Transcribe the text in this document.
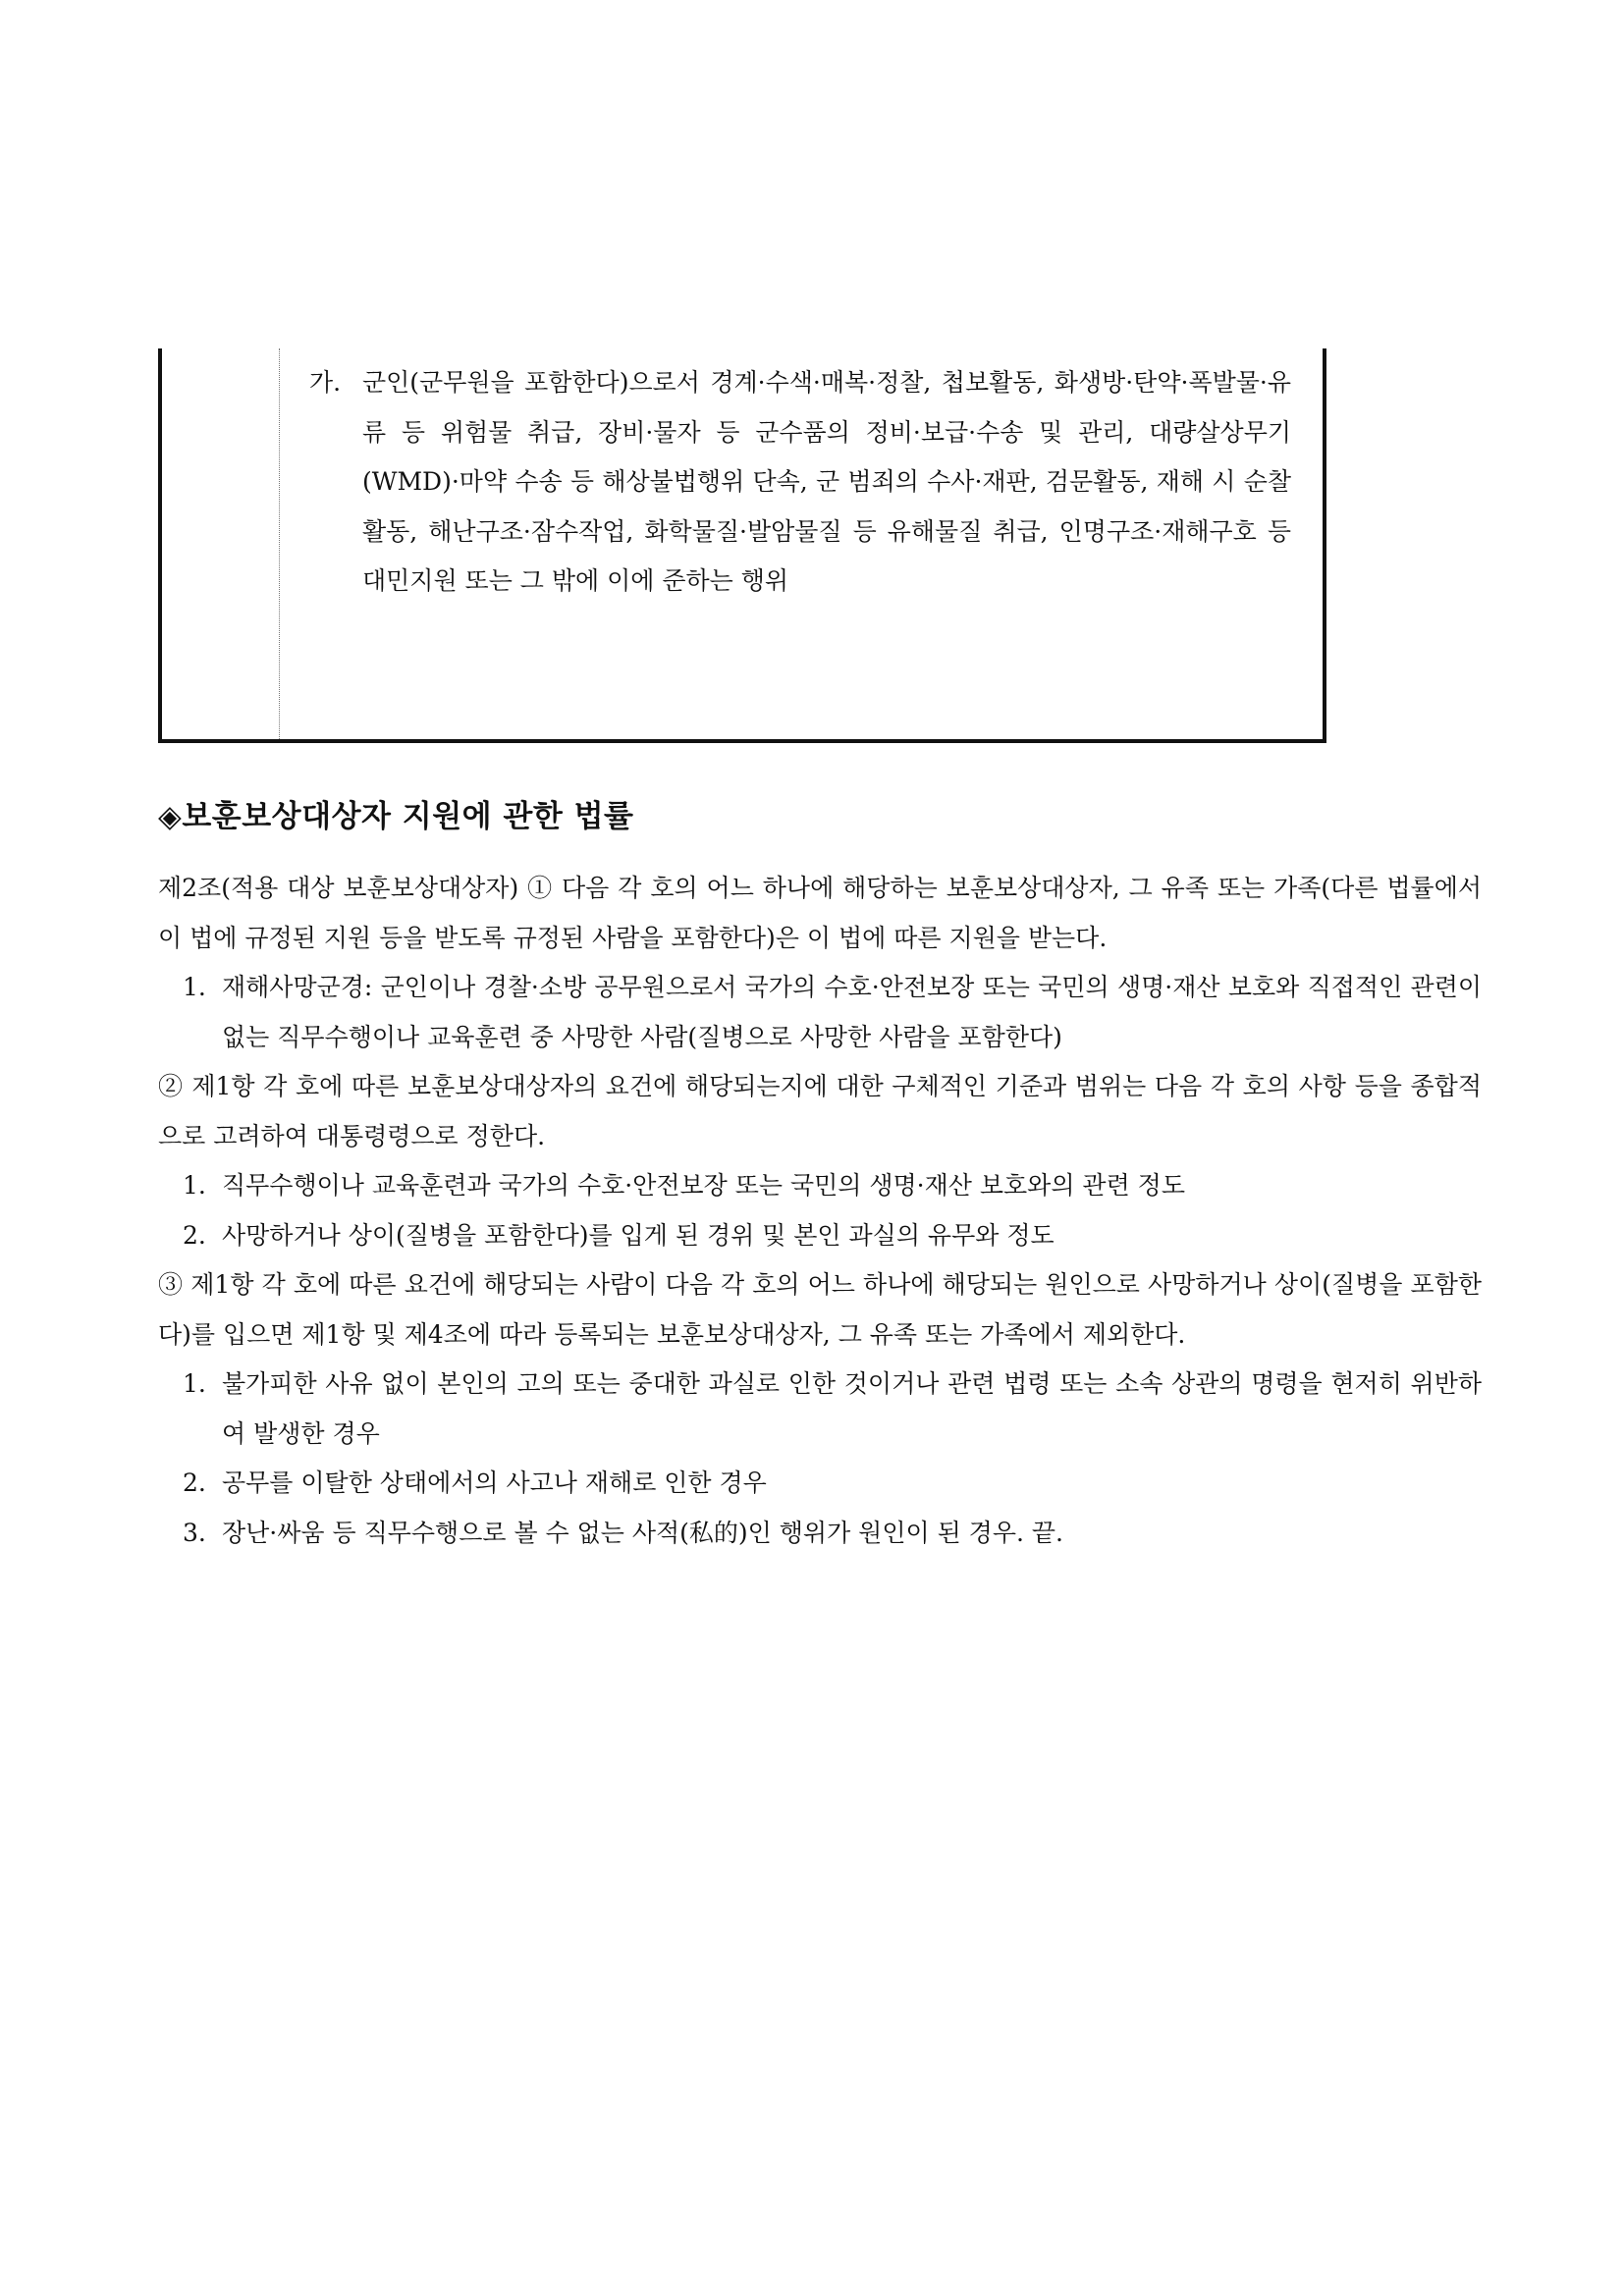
가. 군인(군무원을 포함한다)으로서 경계·수색·매복·정찰, 첩보활동, 화생방·탄약·폭발물·유류 등 위험물 취급, 장비·물자 등 군수품의 정비·보급·수송 및 관리, 대량살상무기(WMD)·마약 수송 등 해상불법행위 단속, 군 범죄의 수사·재판, 검문활동, 재해 시 순찰활동, 해난구조·잠수작업, 화학물질·발암물질 등 유해물질 취급, 인명구조·재해구호 등 대민지원 또는 그 밖에 이에 준하는 행위
◈보훈보상대상자 지원에 관한 법률

제2조(적용 대상 보훈보상대상자) ① 다음 각 호의 어느 하나에 해당하는 보훈보상대상자, 그 유족 또는 가족(다른 법률에서 이 법에 규정된 지원 등을 받도록 규정된 사람을 포함한다)은 이 법에 따른 지원을 받는다.

1. 재해사망군경: 군인이나 경찰·소방 공무원으로서 국가의 수호·안전보장 또는 국민의 생명·재산 보호와 직접적인 관련이 없는 직무수행이나 교육훈련 중 사망한 사람(질병으로 사망한 사람을 포함한다)

② 제1항 각 호에 따른 보훈보상대상자의 요건에 해당되는지에 대한 구체적인 기준과 범위는 다음 각 호의 사항 등을 종합적으로 고려하여 대통령령으로 정한다.

1. 직무수행이나 교육훈련과 국가의 수호·안전보장 또는 국민의 생명·재산 보호와의 관련 정도
2. 사망하거나 상이(질병을 포함한다)를 입게 된 경위 및 본인 과실의 유무와 정도

③ 제1항 각 호에 따른 요건에 해당되는 사람이 다음 각 호의 어느 하나에 해당되는 원인으로 사망하거나 상이(질병을 포함한다)를 입으면 제1항 및 제4조에 따라 등록되는 보훈보상대상자, 그 유족 또는 가족에서 제외한다.

1. 불가피한 사유 없이 본인의 고의 또는 중대한 과실로 인한 것이거나 관련 법령 또는 소속 상관의 명령을 현저히 위반하여 발생한 경우
2. 공무를 이탈한 상태에서의 사고나 재해로 인한 경우
3. 장난·싸움 등 직무수행으로 볼 수 없는 사적(私的)인 행위가 원인이 된 경우. 끝.
